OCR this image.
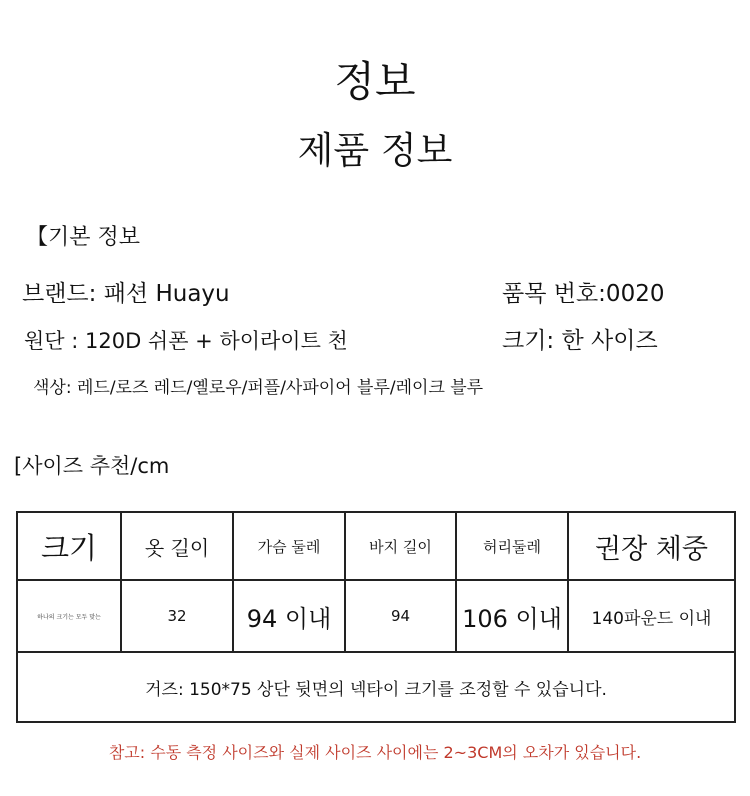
정보
제품 정보
【기본 정보
브랜드: 패션 Huayu	품목 번호:0020
원단 : 120D 쉬폰 + 하이라이트 천	크기: 한 사이즈
색상: 레드/로즈 레드/옐로우/퍼플/사파이어 블루/레이크 블루
[사이즈 추천/cm
크기	옷 길이	가슴 둘레	바지 길이	허리둘레	권장 체중
하나의 크기는 모두 맞는	32	94 이내	94	106 이내	140파운드 이내
거즈: 150*75 상단 뒷면의 넥타이 크기를 조정할 수 있습니다.					
참고: 수동 측정 사이즈와 실제 사이즈 사이에는 2~3CM의 오차가 있습니다.
